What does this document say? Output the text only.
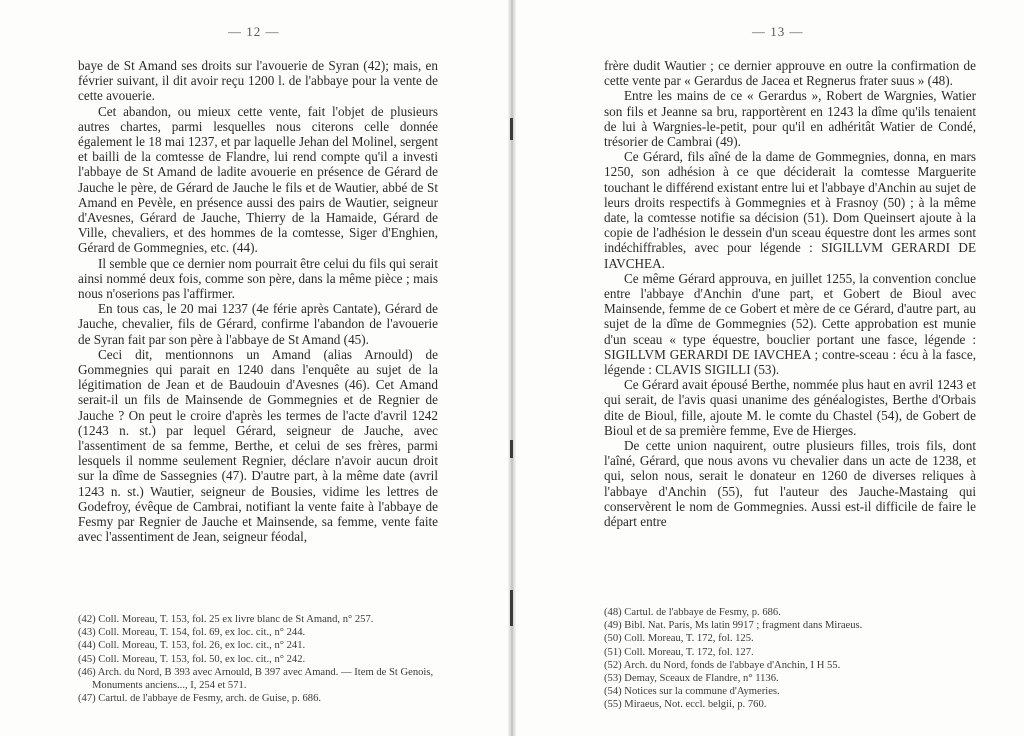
— 12 —

baye de St Amand ses droits sur l'avouerie de Syran (42); mais, en février suivant, il dit avoir reçu 1200 l. de l'abbaye pour la vente de cette avouerie.

Cet abandon, ou mieux cette vente, fait l'objet de plusieurs autres chartes, parmi lesquelles nous citerons celle donnée également le 18 mai 1237, et par laquelle Jehan del Molinel, sergent et bailli de la comtesse de Flandre, lui rend compte qu'il a investi l'abbaye de St Amand de ladite avouerie en présence de Gérard de Jauche le père, de Gérard de Jauche le fils et de Wautier, abbé de St Amand en Pevèle, en présence aussi des pairs de Wautier, seigneur d'Avesnes, Gérard de Jauche, Thierry de la Hamaide, Gérard de Ville, chevaliers, et des hommes de la comtesse, Siger d'Enghien, Gérard de Gommegnies, etc. (44).

Il semble que ce dernier nom pourrait être celui du fils qui serait ainsi nommé deux fois, comme son père, dans la même pièce ; mais nous n'oserions pas l'affirmer.

En tous cas, le 20 mai 1237 (4e férie après Cantate), Gérard de Jauche, chevalier, fils de Gérard, confirme l'abandon de l'avouerie de Syran fait par son père à l'abbaye de St Amand (45).

Ceci dit, mentionnons un Amand (alias Arnould) de Gommegnies qui parait en 1240 dans l'enquête au sujet de la légitimation de Jean et de Baudouin d'Avesnes (46). Cet Amand serait-il un fils de Mainsende de Gommegnies et de Regnier de Jauche ? On peut le croire d'après les termes de l'acte d'avril 1242 (1243 n. st.) par lequel Gérard, seigneur de Jauche, avec l'assentiment de sa femme, Berthe, et celui de ses frères, parmi lesquels il nomme seulement Regnier, déclare n'avoir aucun droit sur la dîme de Sassegnies (47). D'autre part, à la même date (avril 1243 n. st.) Wautier, seigneur de Bousies, vidime les lettres de Godefroy, évêque de Cambrai, notifiant la vente faite à l'abbaye de Fesmy par Regnier de Jauche et Mainsende, sa femme, vente faite avec l'assentiment de Jean, seigneur féodal,

(42) Coll. Moreau, T. 153, fol. 25 ex livre blanc de St Amand, n° 257.
(43) Coll. Moreau, T. 154, fol. 69, ex loc. cit., n° 244.
(44) Coll. Moreau, T. 153, fol. 26, ex loc. cit., n° 241.
(45) Coll. Moreau, T. 153, fol. 50, ex loc. cit., n° 242.
(46) Arch. du Nord, B 393 avec Arnould, B 397 avec Amand. — Item de St Genois, Monuments anciens..., I, 254 et 571.
(47) Cartul. de l'abbaye de Fesmy, arch. de Guise, p. 686.
— 13 —

frère dudit Wautier ; ce dernier approuve en outre la confirmation de cette vente par « Gerardus de Jacea et Regnerus frater suus » (48).

Entre les mains de ce « Gerardus », Robert de Wargnies, Watier son fils et Jeanne sa bru, rapportèrent en 1243 la dîme qu'ils tenaient de lui à Wargnies-le-petit, pour qu'il en adhéritât Watier de Condé, trésorier de Cambrai (49).

Ce Gérard, fils aîné de la dame de Gommegnies, donna, en mars 1250, son adhésion à ce que déciderait la comtesse Marguerite touchant le différend existant entre lui et l'abbaye d'Anchin au sujet de leurs droits respectifs à Gommegnies et à Frasnoy (50) ; à la même date, la comtesse notifie sa décision (51). Dom Queinsert ajoute à la copie de l'adhésion le dessein d'un sceau équestre dont les armes sont indéchiffrables, avec pour légende : SIGILLVM GERARDI DE IAVCHEA.

Ce même Gérard approuva, en juillet 1255, la convention conclue entre l'abbaye d'Anchin d'une part, et Gobert de Bioul avec Mainsende, femme de ce Gobert et mère de ce Gérard, d'autre part, au sujet de la dîme de Gommegnies (52). Cette approbation est munie d'un sceau « type équestre, bouclier portant une fasce, légende : SIGILLVM GERARDI DE IAVCHEA ; contre-sceau : écu à la fasce, légende : CLAVIS SIGILLI (53).

Ce Gérard avait épousé Berthe, nommée plus haut en avril 1243 et qui serait, de l'avis quasi unanime des généalogistes, Berthe d'Orbais dite de Bioul, fille, ajoute M. le comte du Chastel (54), de Gobert de Bioul et de sa première femme, Eve de Hierges.

De cette union naquirent, outre plusieurs filles, trois fils, dont l'aîné, Gérard, que nous avons vu chevalier dans un acte de 1238, et qui, selon nous, serait le donateur en 1260 de diverses reliques à l'abbaye d'Anchin (55), fut l'auteur des Jauche-Mastaing qui conservèrent le nom de Gommegnies. Aussi est-il difficile de faire le départ entre

(48) Cartul. de l'abbaye de Fesmy, p. 686.
(49) Bibl. Nat. Paris, Ms latin 9917 ; fragment dans Miraeus.
(50) Coll. Moreau, T. 172, fol. 125.
(51) Coll. Moreau, T. 172, fol. 127.
(52) Arch. du Nord, fonds de l'abbaye d'Anchin, I H 55.
(53) Demay, Sceaux de Flandre, n° 1136.
(54) Notices sur la commune d'Aymeries.
(55) Miraeus, Not. eccl. belgii, p. 760.
